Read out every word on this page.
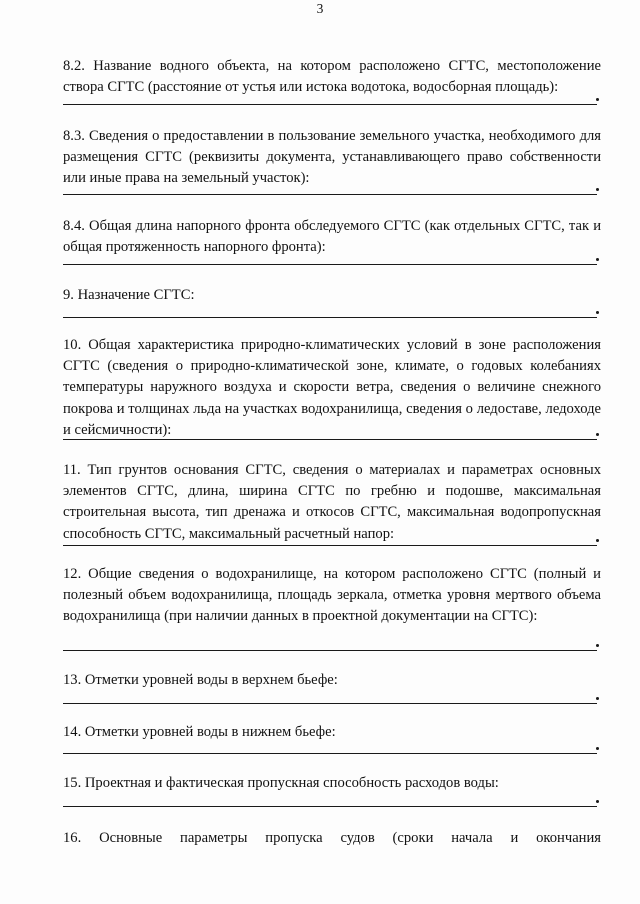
3

8.2. Название водного объекта, на котором расположено СГТС, местоположение створа СГТС (расстояние от устья или истока водотока, водосборная площадь):

8.3. Сведения о предоставлении в пользование земельного участка, необходимого для размещения СГТС (реквизиты документа, устанавливающего право собственности или иные права на земельный участок):

8.4. Общая длина напорного фронта обследуемого СГТС (как отдельных СГТС, так и общая протяженность напорного фронта):

9. Назначение СГТС:

10. Общая характеристика природно-климатических условий в зоне расположения СГТС (сведения о природно-климатической зоне, климате, о годовых колебаниях температуры наружного воздуха и скорости ветра, сведения о величине снежного покрова и толщинах льда на участках водохранилища, сведения о ледоставе, ледоходе и сейсмичности):

11. Тип грунтов основания СГТС, сведения о материалах и параметрах основных элементов СГТС, длина, ширина СГТС по гребню и подошве, максимальная строительная высота, тип дренажа и откосов СГТС, максимальная водопропускная способность СГТС, максимальный расчетный напор:

12. Общие сведения о водохранилище, на котором расположено СГТС (полный и полезный объем водохранилища, площадь зеркала, отметка уровня мертвого объема водохранилища (при наличии данных в проектной документации на СГТС):

13. Отметки уровней воды в верхнем бьефе:

14. Отметки уровней воды в нижнем бьефе:

15. Проектная и фактическая пропускная способность расходов воды:

16. Основные параметры пропуска судов (сроки начала и окончания
